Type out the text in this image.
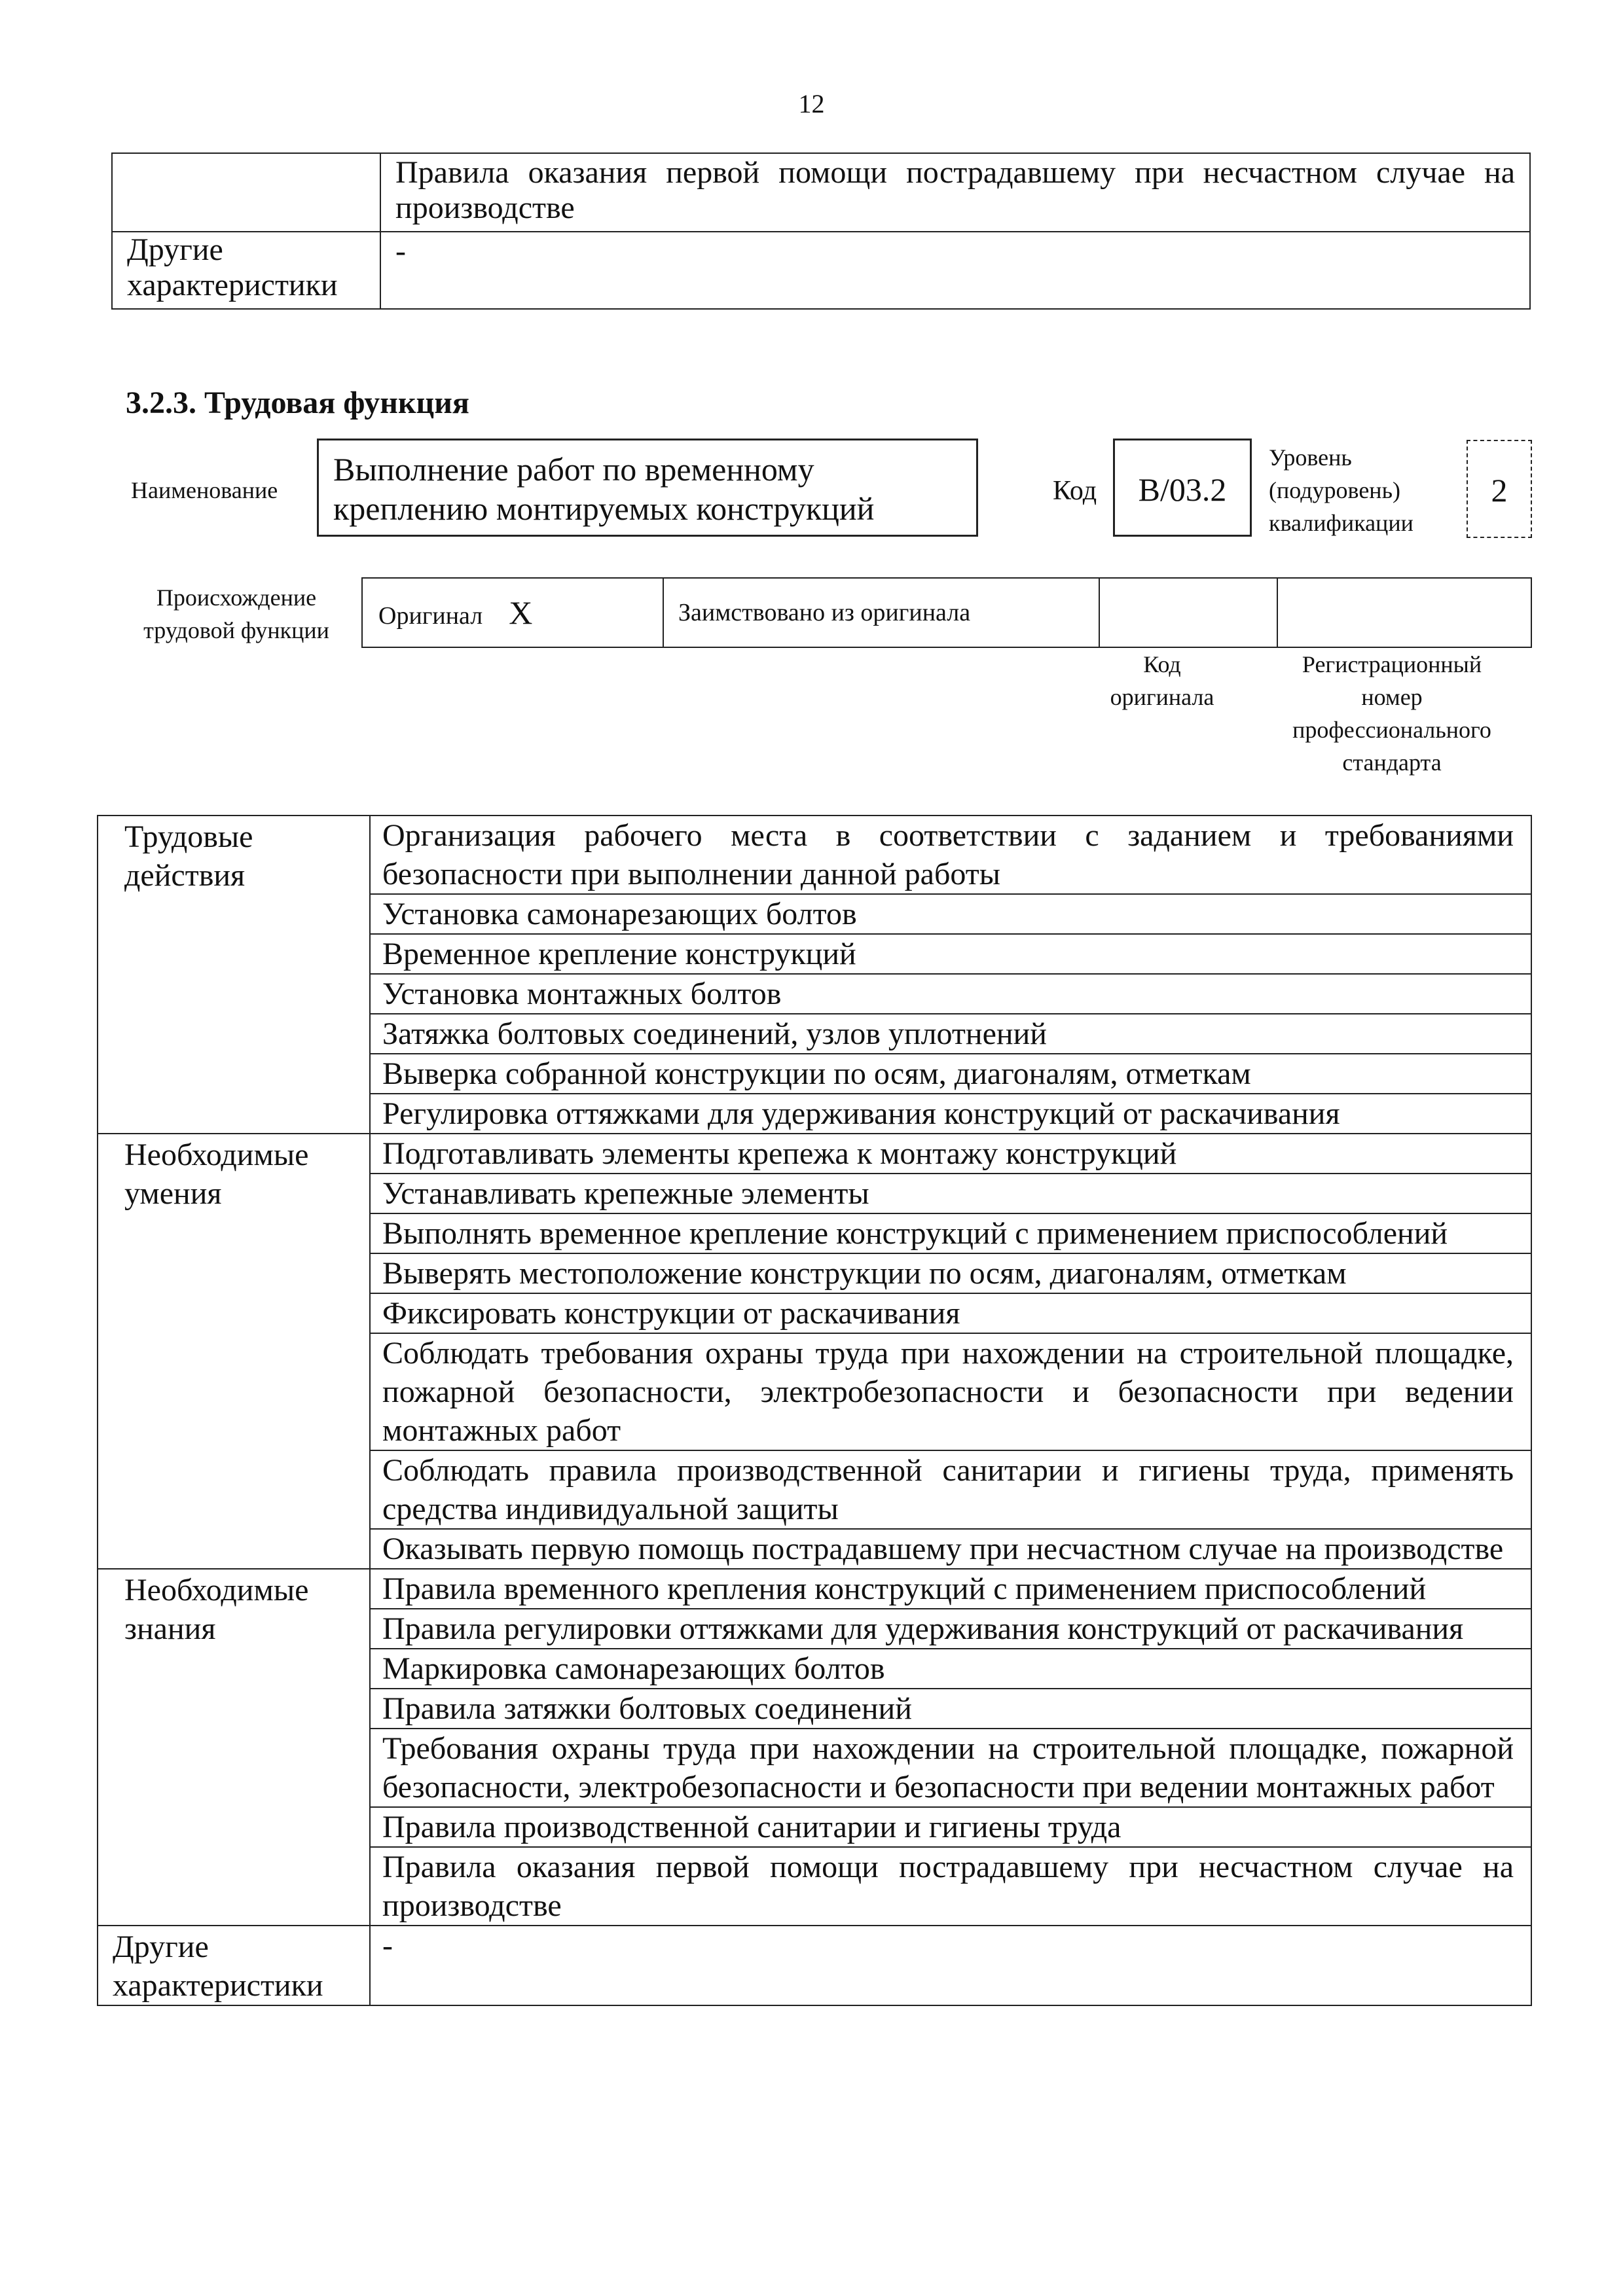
12
	Правила оказания первой помощи пострадавшему при несчастном случае на производстве

Другие
характеристики	-
3.2.3. Трудовая функция
Наименование
Выполнение работ по временному
креплению монтируемых конструкций	Код	B/03.2
Уровень
(подуровень)
квалификации
2
Происхождение
трудовой функции
Оригинал X	Заимствовано из оригинала		
Код
оригинала
Регистрационный
номер
профессионального
стандарта
Трудовые
действия	Организация рабочего места в соответствии с заданием и требованиями безопасности при выполнении данной работы
	Установка самонарезающих болтов
	Временное крепление конструкций
	Установка монтажных болтов
	Затяжка болтовых соединений, узлов уплотнений
	Выверка собранной конструкции по осям, диагоналям, отметкам
	Регулировка оттяжками для удерживания конструкций от раскачивания

Необходимые
умения	Подготавливать элементы крепежа к монтажу конструкций
	Устанавливать крепежные элементы
	Выполнять временное крепление конструкций с применением приспособлений
	Выверять местоположение конструкции по осям, диагоналям, отметкам
	Фиксировать конструкции от раскачивания
	Соблюдать требования охраны труда при нахождении на строительной площадке, пожарной безопасности, электробезопасности и безопасности при ведении монтажных работ
	Соблюдать правила производственной санитарии и гигиены труда, применять средства индивидуальной защиты
	Оказывать первую помощь пострадавшему при несчастном случае на производстве

Необходимые
знания	Правила временного крепления конструкций с применением приспособлений
	Правила регулировки оттяжками для удерживания конструкций от раскачивания
	Маркировка самонарезающих болтов
	Правила затяжки болтовых соединений
	Требования охраны труда при нахождении на строительной площадке, пожарной безопасности, электробезопасности и безопасности при ведении монтажных работ
	Правила производственной санитарии и гигиены труда
	Правила оказания первой помощи пострадавшему при несчастном случае на производстве

Другие
характеристики	-
